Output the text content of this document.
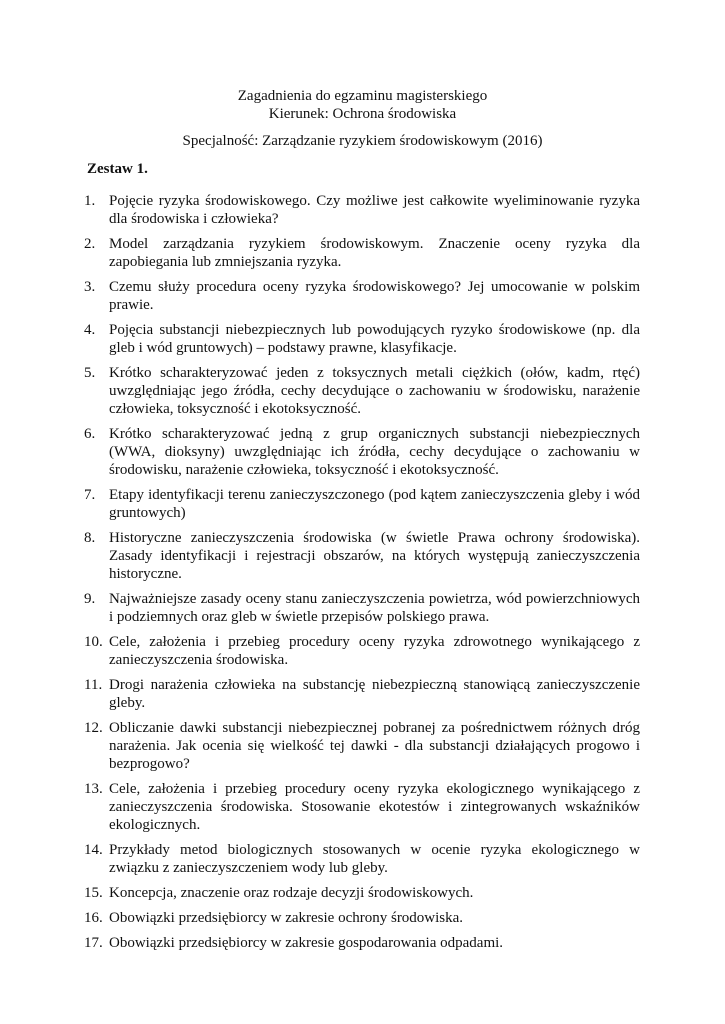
Zagadnienia do egzaminu magisterskiego
Kierunek: Ochrona środowiska
Specjalność: Zarządzanie ryzykiem środowiskowym (2016)
Zestaw 1.
1. Pojęcie ryzyka środowiskowego. Czy możliwe jest całkowite wyeliminowanie ryzyka dla środowiska i człowieka?
2. Model zarządzania ryzykiem środowiskowym. Znaczenie oceny ryzyka dla zapobiegania lub zmniejszania ryzyka.
3. Czemu służy procedura oceny ryzyka środowiskowego? Jej umocowanie w polskim prawie.
4. Pojęcia substancji niebezpiecznych lub powodujących ryzyko środowiskowe (np. dla gleb i wód gruntowych) – podstawy prawne, klasyfikacje.
5. Krótko scharakteryzować jeden z toksycznych metali ciężkich (ołów, kadm, rtęć) uwzględniając jego źródła, cechy decydujące o zachowaniu w środowisku, narażenie człowieka, toksyczność i ekotoksyczność.
6. Krótko scharakteryzować jedną z grup organicznych substancji niebezpiecznych (WWA, dioksyny) uwzględniając ich źródła, cechy decydujące o zachowaniu w środowisku, narażenie człowieka, toksyczność i ekotoksyczność.
7. Etapy identyfikacji terenu zanieczyszczonego (pod kątem zanieczyszczenia gleby i wód gruntowych)
8. Historyczne zanieczyszczenia środowiska (w świetle Prawa ochrony środowiska). Zasady identyfikacji i rejestracji obszarów, na których występują zanieczyszczenia historyczne.
9. Najważniejsze zasady oceny stanu zanieczyszczenia powietrza, wód powierzchniowych i podziemnych oraz gleb w świetle przepisów polskiego prawa.
10. Cele, założenia i przebieg procedury oceny ryzyka zdrowotnego wynikającego z zanieczyszczenia środowiska.
11. Drogi narażenia człowieka na substancję niebezpieczną stanowiącą zanieczyszczenie gleby.
12. Obliczanie dawki substancji niebezpiecznej pobranej za pośrednictwem różnych dróg narażenia. Jak ocenia się wielkość tej dawki - dla substancji działających progowo i bezprogowo?
13. Cele, założenia i przebieg procedury oceny ryzyka ekologicznego wynikającego z zanieczyszczenia środowiska. Stosowanie ekotestów i zintegrowanych wskaźników ekologicznych.
14. Przykłady metod biologicznych stosowanych w ocenie ryzyka ekologicznego w związku z zanieczyszczeniem wody lub gleby.
15. Koncepcja, znaczenie oraz rodzaje decyzji środowiskowych.
16. Obowiązki przedsiębiorcy w zakresie ochrony środowiska.
17. Obowiązki przedsiębiorcy w zakresie gospodarowania odpadami.
